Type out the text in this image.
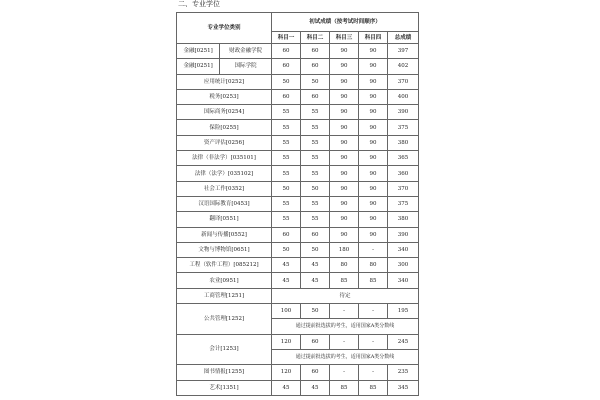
二、专业学位
专业学位类别	初试成绩（按考试时间顺序）				
	科目一	科目二	科目三	科目四	总成绩

金融[0251] 财政金融学院	60	60	90	90	397

金融[0251] 国际学院	60	60	90	90	402
应用统计[0252]	50	50	90	90	370
税务[0253]	60	60	90	90	400
国际商务[0254]	55	55	90	90	390
保险[0255]	55	55	90	90	375
资产评估[0256]	55	55	90	90	380
法律（非法学）[035101]	55	55	90	90	365
法律（法学）[035102]	55	55	90	90	360
社会工作[0352]	50	50	90	90	370
汉语国际教育[0453]	55	55	90	90	375
翻译[0551]	55	55	90	90	380
新闻与传播[0552]	60	60	90	90	390
文物与博物馆[0651]	50	50	180	-	340
工程（软件工程）[085212]	45	45	80	80	300
农业[0951]	45	45	85	85	340
工商管理[1251]	待定				
公共管理[1252]	100	50	-	-	195
	通过提前批选拔的考生，适用国家A类分数线				
会计[1253]	120	60	-	-	245
	通过提前批选拔的考生，适用国家A类分数线				
图书情报[1255]	120	60	-	-	235
艺术[1351]	45	45	85	85	345
